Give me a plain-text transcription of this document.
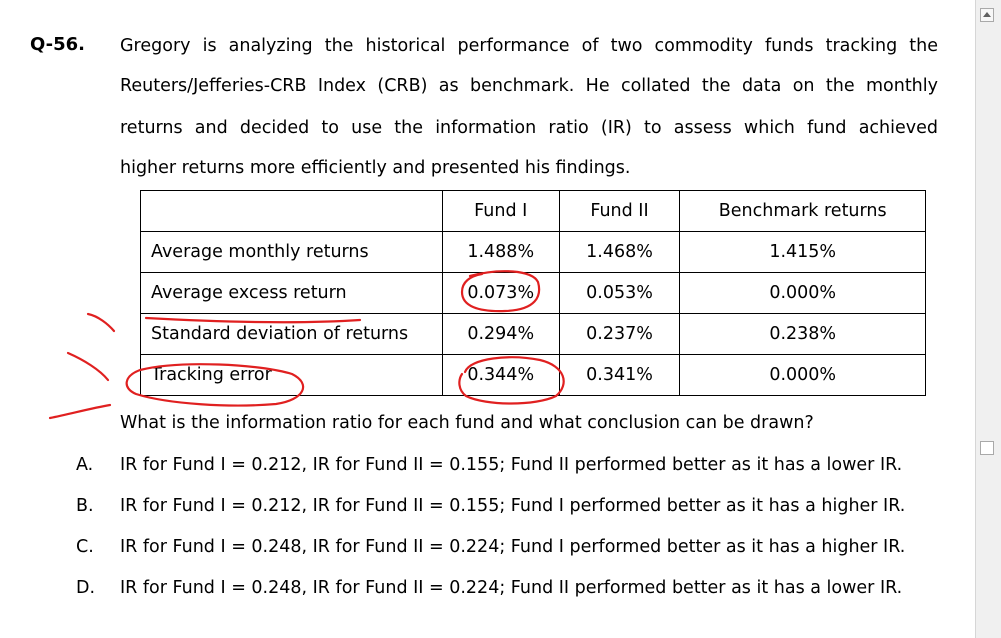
Q-56. Gregory is analyzing the historical performance of two commodity funds tracking the
Reuters/Jefferies-CRB Index (CRB) as benchmark. He collated the data on the monthly
returns and decided to use the information ratio (IR) to assess which fund achieved
higher returns more efficiently and presented his findings.
	Fund I	Fund II	Benchmark returns
Average monthly returns	1.488%	1.468%	1.415%
Average excess return	0.073%	0.053%	0.000%
Standard deviation of returns	0.294%	0.237%	0.238%
Tracking error	0.344%	0.341%	0.000%
What is the information ratio for each fund and what conclusion can be drawn?
A. IR for Fund I = 0.212, IR for Fund II = 0.155; Fund II performed better as it has a lower IR.
B. IR for Fund I = 0.212, IR for Fund II = 0.155; Fund I performed better as it has a higher IR.
C. IR for Fund I = 0.248, IR for Fund II = 0.224; Fund I performed better as it has a higher IR.
D. IR for Fund I = 0.248, IR for Fund II = 0.224; Fund II performed better as it has a lower IR.
